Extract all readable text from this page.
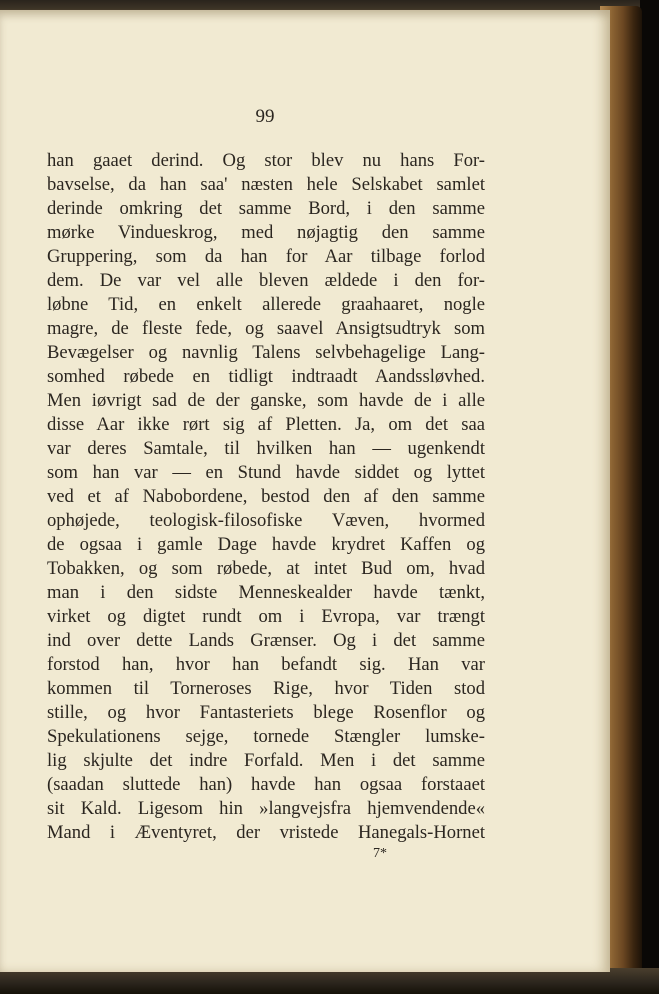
99
han gaaet derind. Og stor blev nu hans For-
bavselse, da han saa' næsten hele Selskabet samlet
derinde omkring det samme Bord, i den samme
mørke Vindueskrog, med nøjagtig den samme
Gruppering, som da han for Aar tilbage forlod
dem. De var vel alle bleven ældede i den for-
løbne Tid, en enkelt allerede graahaaret, nogle
magre, de fleste fede, og saavel Ansigtsudtryk som
Bevægelser og navnlig Talens selvbehagelige Lang-
somhed røbede en tidligt indtraadt Aandssløvhed.
Men iøvrigt sad de der ganske, som havde de i alle
disse Aar ikke rørt sig af Pletten. Ja, om det saa
var deres Samtale, til hvilken han — ugenkendt
som han var — en Stund havde siddet og lyttet
ved et af Nabobordene, bestod den af den samme
ophøjede, teologisk-filosofiske Væven, hvormed
de ogsaa i gamle Dage havde krydret Kaffen og
Tobakken, og som røbede, at intet Bud om, hvad
man i den sidste Menneskealder havde tænkt,
virket og digtet rundt om i Evropa, var trængt
ind over dette Lands Grænser. Og i det samme
forstod han, hvor han befandt sig. Han var
kommen til Torneroses Rige, hvor Tiden stod
stille, og hvor Fantasteriets blege Rosenflor og
Spekulationens sejge, tornede Stængler lumske-
lig skjulte det indre Forfald. Men i det samme
(saadan sluttede han) havde han ogsaa forstaaet
sit Kald. Ligesom hin »langvejsfra hjemvendende«
Mand i Æventyret, der vristede Hanegals-Hornet
7*
